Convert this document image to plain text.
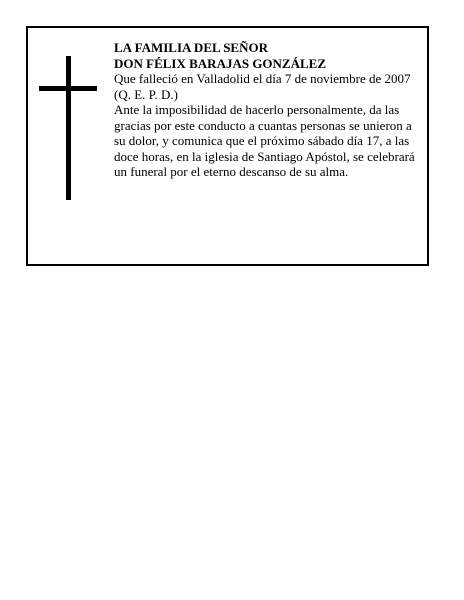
LA FAMILIA DEL SEÑOR

DON FÉLIX BARAJAS GONZÁLEZ

Que falleció en Valladolid el día 7 de noviembre de 2007

(Q. E. P. D.)

Ante la imposibilidad de hacerlo personalmente, da las gracias por este conducto a cuantas personas se unieron a su dolor, y comunica que el próximo sábado día 17, a las doce horas, en la iglesia de Santiago Apóstol, se celebrará un funeral por el eterno descanso de su alma.
